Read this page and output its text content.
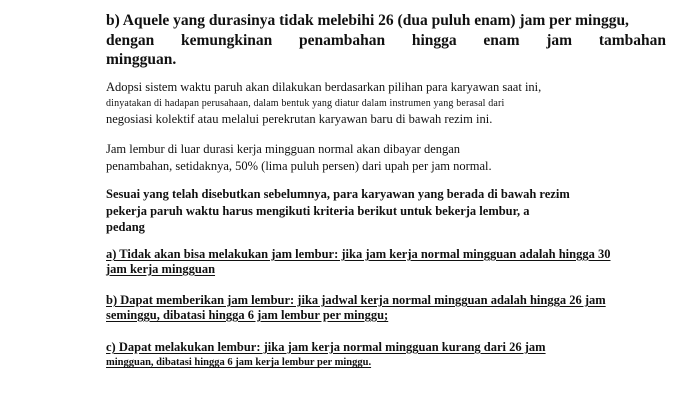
b) Aquele yang durasinya tidak melebihi 26 (dua puluh enam) jam per minggu,
dengan kemungkinan penambahan hingga enam jam tambahan
mingguan.
Adopsi sistem waktu paruh akan dilakukan berdasarkan pilihan para karyawan saat ini,
dinyatakan di hadapan perusahaan, dalam bentuk yang diatur dalam instrumen yang berasal dari
negosiasi kolektif atau melalui perekrutan karyawan baru di bawah rezim ini.
Jam lembur di luar durasi kerja mingguan normal akan dibayar dengan
penambahan, setidaknya, 50% (lima puluh persen) dari upah per jam normal.
Sesuai yang telah disebutkan sebelumnya, para karyawan yang berada di bawah rezim
pekerja paruh waktu harus mengikuti kriteria berikut untuk bekerja lembur, a
pedang
a) Tidak akan bisa melakukan jam lembur: jika jam kerja normal mingguan adalah hingga 30
jam kerja mingguan
b) Dapat memberikan jam lembur: jika jadwal kerja normal mingguan adalah hingga 26 jam
seminggu, dibatasi hingga 6 jam lembur per minggu;
c) Dapat melakukan lembur: jika jam kerja normal mingguan kurang dari 26 jam
mingguan, dibatasi hingga 6 jam kerja lembur per minggu.
